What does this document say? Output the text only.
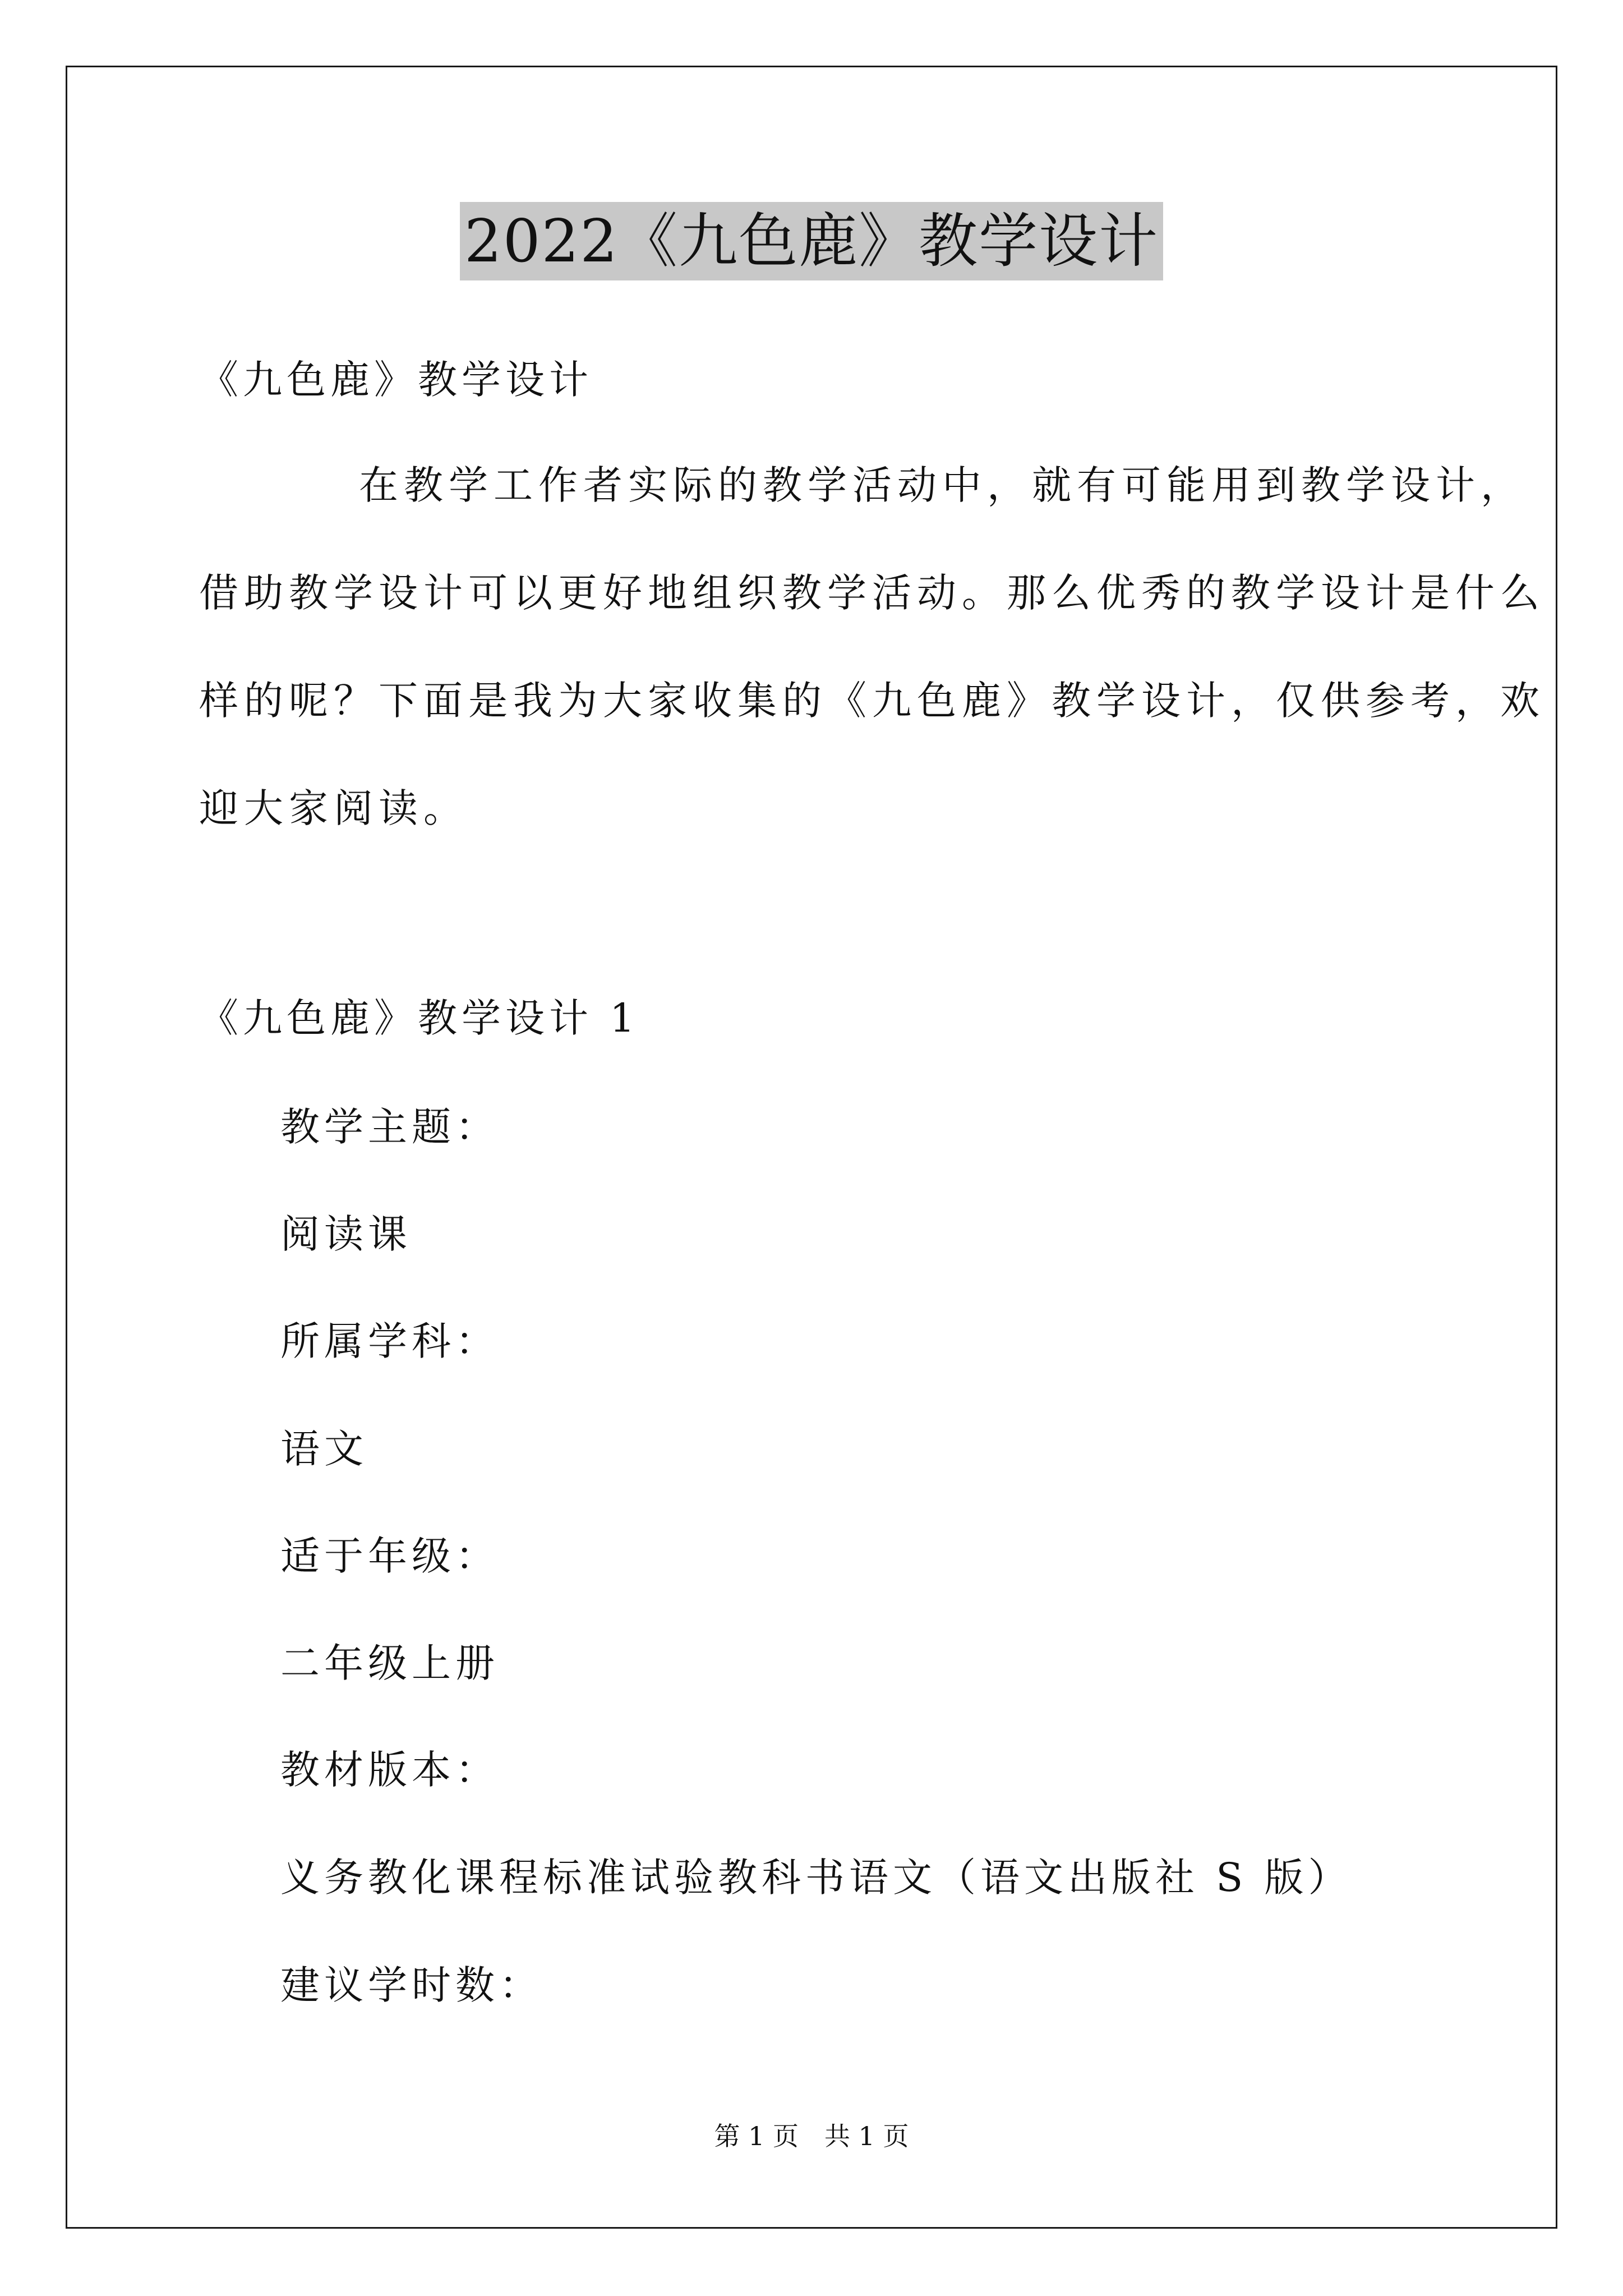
2022《九色鹿》教学设计
《九色鹿》教学设计
在教学工作者实际的教学活动中，就有可能用到教学设计，
借助教学设计可以更好地组织教学活动。那么优秀的教学设计是什么
样的呢？下面是我为大家收集的《九色鹿》教学设计，仅供参考，欢
迎大家阅读。
《九色鹿》教学设计 1
教学主题：
阅读课
所属学科：
语文
适于年级：
二年级上册
教材版本：
义务教化课程标准试验教科书语文（语文出版社 S 版）
建议学时数：
第 1 页　共 1 页
